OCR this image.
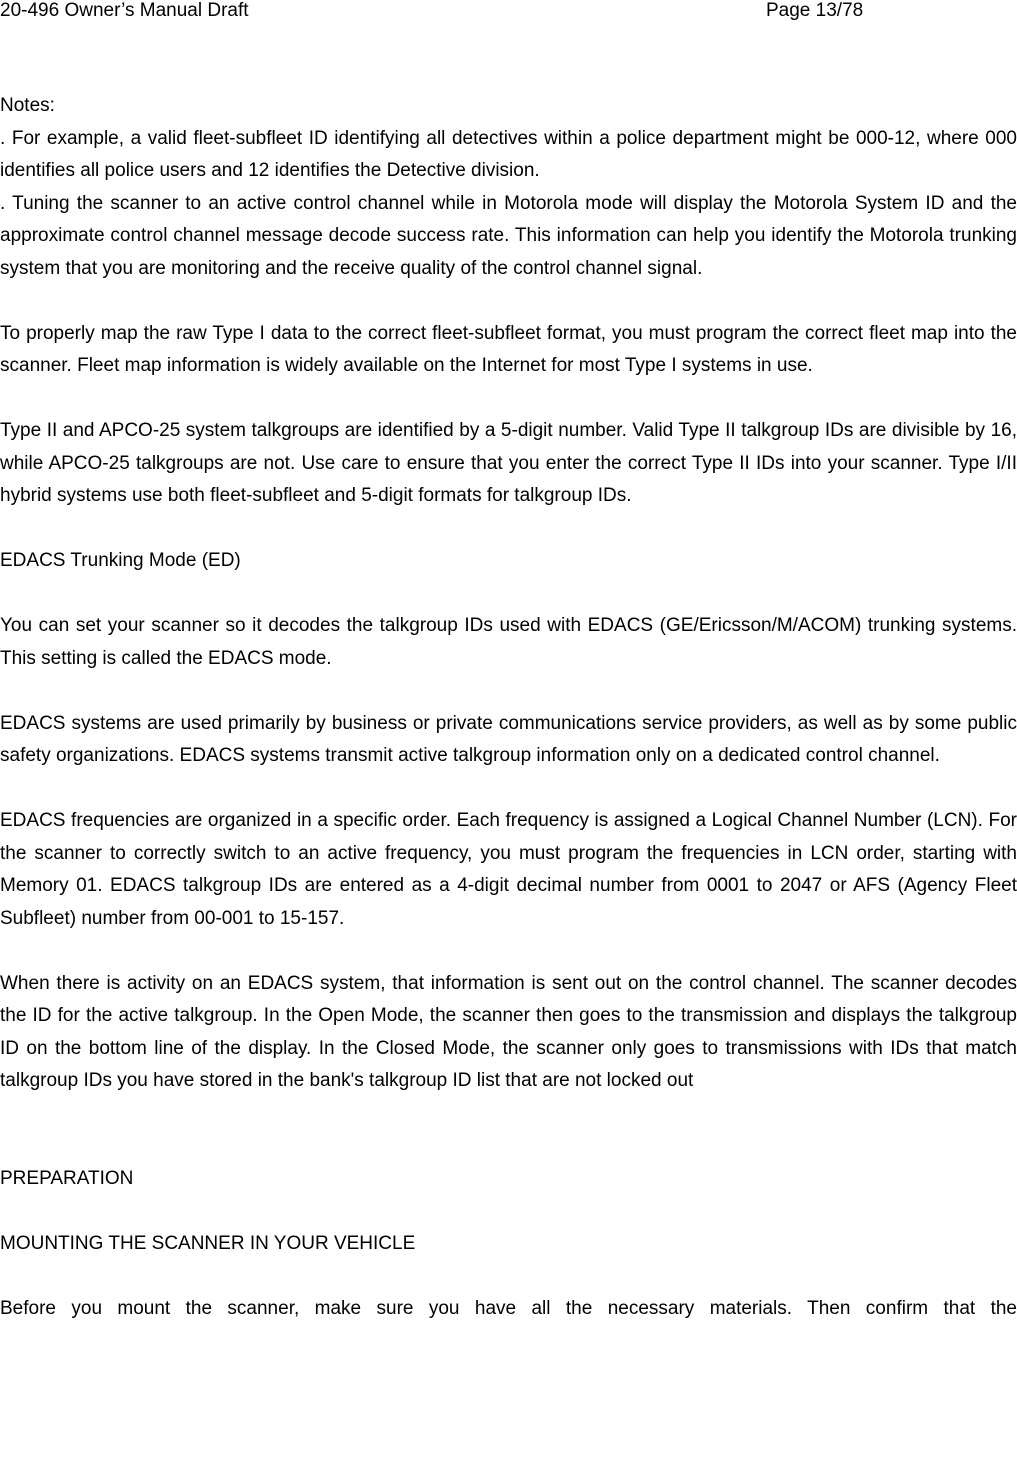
20-496 Owner’s Manual Draft	Page 13/78

Notes:

. For example, a valid fleet-subfleet ID identifying all detectives within a police department might be 000-12, where 000 identifies all police users and 12 identifies the Detective division.

. Tuning the scanner to an active control channel while in Motorola mode will display the Motorola System ID and the approximate control channel message decode success rate. This information can help you identify the Motorola trunking system that you are monitoring and the receive quality of the control channel signal.

To properly map the raw Type I data to the correct fleet-subfleet format, you must program the correct fleet map into the scanner. Fleet map information is widely available on the Internet for most Type I systems in use.

Type II and APCO-25 system talkgroups are identified by a 5-digit number. Valid Type II talkgroup IDs are divisible by 16, while APCO-25 talkgroups are not. Use care to ensure that you enter the correct Type II IDs into your scanner. Type I/II hybrid systems use both fleet-subfleet and 5-digit formats for talkgroup IDs.

EDACS Trunking Mode (ED)

You can set your scanner so it decodes the talkgroup IDs used with EDACS (GE/Ericsson/M/ACOM) trunking systems. This setting is called the EDACS mode.

EDACS systems are used primarily by business or private communications service providers, as well as by some public safety organizations. EDACS systems transmit active talkgroup information only on a dedicated control channel.

EDACS frequencies are organized in a specific order. Each frequency is assigned a Logical Channel Number (LCN). For the scanner to correctly switch to an active frequency, you must program the frequencies in LCN order, starting with Memory 01. EDACS talkgroup IDs are entered as a 4-digit decimal number from 0001 to 2047 or AFS (Agency Fleet Subfleet) number from 00-001 to 15-157.

When there is activity on an EDACS system, that information is sent out on the control channel. The scanner decodes the ID for the active talkgroup. In the Open Mode, the scanner then goes to the transmission and displays the talkgroup ID on the bottom line of the display. In the Closed Mode, the scanner only goes to transmissions with IDs that match talkgroup IDs you have stored in the bank's talkgroup ID list that are not locked out

PREPARATION

MOUNTING THE SCANNER IN YOUR VEHICLE

Before you mount the scanner, make sure you have all the necessary materials. Then confirm that the
